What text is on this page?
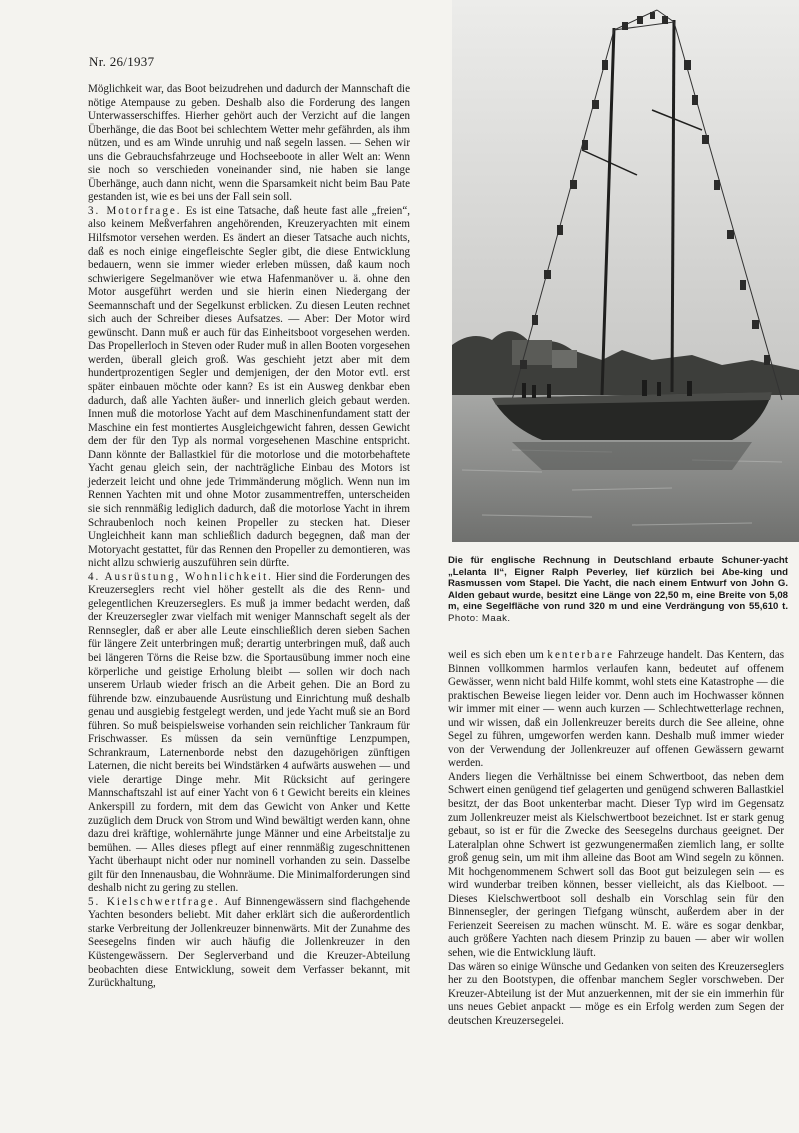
Nr. 26/1937

Möglichkeit war, das Boot beizudrehen und dadurch der Mannschaft die nötige Atempause zu geben. Deshalb also die Forderung des langen Unterwasserschiffes. Hierher gehört auch der Verzicht auf die langen Überhänge, die das Boot bei schlechtem Wetter mehr gefährden, als ihm nützen, und es am Winde unruhig und naß segeln lassen. — Sehen wir uns die Gebrauchsfahrzeuge und Hochseeboote in aller Welt an: Wenn sie noch so verschieden voneinander sind, nie haben sie lange Überhänge, auch dann nicht, wenn die Sparsamkeit nicht beim Bau Pate gestanden ist, wie es bei uns der Fall sein soll.

3. Motorfrage. Es ist eine Tatsache, daß heute fast alle „freien“, also keinem Meßverfahren angehörenden, Kreuzeryachten mit einem Hilfsmotor versehen werden. Es ändert an dieser Tatsache auch nichts, daß es noch einige eingefleischte Segler gibt, die diese Entwicklung bedauern, wenn sie immer wieder erleben müssen, daß kaum noch schwierigere Segelmanöver wie etwa Hafenmanöver u. ä. ohne den Motor ausgeführt werden und sie hierin einen Niedergang der Seemannschaft und der Segelkunst erblicken. Zu diesen Leuten rechnet sich auch der Schreiber dieses Aufsatzes. — Aber: Der Motor wird gewünscht. Dann muß er auch für das Einheitsboot vorgesehen werden. Das Propellerloch in Steven oder Ruder muß in allen Booten vorgesehen werden, überall gleich groß. Was geschieht jetzt aber mit dem hundertprozentigen Segler und demjenigen, der den Motor evtl. erst später einbauen möchte oder kann? Es ist ein Ausweg denkbar eben dadurch, daß alle Yachten äußer- und innerlich gleich gebaut werden. Innen muß die motorlose Yacht auf dem Maschinenfundament statt der Maschine ein fest montiertes Ausgleichgewicht fahren, dessen Gewicht dem der für den Typ als normal vorgesehenen Maschine entspricht. Dann könnte der Ballastkiel für die motorlose und die motorbehaftete Yacht genau gleich sein, der nachträgliche Einbau des Motors ist jederzeit leicht und ohne jede Trimmänderung möglich. Wenn nun im Rennen Yachten mit und ohne Motor zusammentreffen, unterscheiden sie sich rennmäßig lediglich dadurch, daß die motorlose Yacht in ihrem Schraubenloch noch keinen Propeller zu stecken hat. Dieser Ungleichheit kann man schließlich dadurch begegnen, daß man der Motoryacht gestattet, für das Rennen den Propeller zu demontieren, was nicht allzu schwierig auszuführen sein dürfte.

4. Ausrüstung, Wohnlichkeit. Hier sind die Forderungen des Kreuzerseglers recht viel höher gestellt als die des Renn- und gelegentlichen Kreuzerseglers. Es muß ja immer bedacht werden, daß der Kreuzersegler zwar vielfach mit weniger Mannschaft segelt als der Rennsegler, daß er aber alle Leute einschließlich deren sieben Sachen für längere Zeit unterbringen muß; derartig unterbringen muß, daß auch bei längeren Törns die Reise bzw. die Sportausübung immer noch eine körperliche und geistige Erholung bleibt — sollen wir doch nach unserem Urlaub wieder frisch an die Arbeit gehen. Die an Bord zu führende bzw. einzubauende Ausrüstung und Einrichtung muß deshalb genau und ausgiebig festgelegt werden, und jede Yacht muß sie an Bord führen. So muß beispielsweise vorhanden sein reichlicher Tankraum für Frischwasser. Es müssen da sein vernünftige Lenzpumpen, Schrankraum, Laternenborde nebst den dazugehörigen zünftigen Laternen, die nicht bereits bei Windstärken 4 aufwärts auswehen — und viele derartige Dinge mehr. Mit Rücksicht auf geringere Mannschaftszahl ist auf einer Yacht von 6 t Gewicht bereits ein kleines Ankerspill zu fordern, mit dem das Gewicht von Anker und Kette zuzüglich dem Druck von Strom und Wind bewältigt werden kann, ohne dazu drei kräftige, wohlernährte junge Männer und eine Arbeitstalje zu bemühen. — Alles dieses pflegt auf einer rennmäßig zugeschnittenen Yacht überhaupt nicht oder nur nominell vorhanden zu sein. Dasselbe gilt für den Innenausbau, die Wohnräume. Die Minimalforderungen sind deshalb nicht zu gering zu stellen.

5. Kielschwertfrage. Auf Binnengewässern sind flachgehende Yachten besonders beliebt. Mit daher erklärt sich die außerordentlich starke Verbreitung der Jollenkreuzer binnenwärts. Mit der Zunahme des Seesegelns finden wir auch häufig die Jollenkreuzer in den Küstengewässern. Der Seglerverband und die Kreuzer-Abteilung beobachten diese Entwicklung, soweit dem Verfasser bekannt, mit Zurückhaltung,

Die für englische Rechnung in Deutschland erbaute Schuner-yacht „Lelanta II“, Eigner Ralph Peverley, lief kürzlich bei Abe-king und Rasmussen vom Stapel. Die Yacht, die nach einem Entwurf von John G. Alden gebaut wurde, besitzt eine Länge von 22,50 m, eine Breite von 5,08 m, eine Segelfläche von rund 320 m und eine Verdrängung von 55,610 t. Photo: Maak.

weil es sich eben um kenterbare Fahrzeuge handelt. Das Kentern, das Binnen vollkommen harmlos verlaufen kann, bedeutet auf offenem Gewässer, wenn nicht bald Hilfe kommt, wohl stets eine Katastrophe — die praktischen Beweise liegen leider vor. Denn auch im Hochwasser können wir immer mit einer — wenn auch kurzen — Schlechtwetterlage rechnen, und wir wissen, daß ein Jollenkreuzer bereits durch die See alleine, ohne Segel zu führen, umgeworfen werden kann. Deshalb muß immer wieder von der Verwendung der Jollenkreuzer auf offenen Gewässern gewarnt werden.

Anders liegen die Verhältnisse bei einem Schwertboot, das neben dem Schwert einen genügend tief gelagerten und genügend schweren Ballastkiel besitzt, der das Boot unkenterbar macht. Dieser Typ wird im Gegensatz zum Jollenkreuzer meist als Kielschwertboot bezeichnet. Ist er stark genug gebaut, so ist er für die Zwecke des Seesegelns durchaus geeignet. Der Lateralplan ohne Schwert ist gezwungenermaßen ziemlich lang, er sollte groß genug sein, um mit ihm alleine das Boot am Wind segeln zu können. Mit hochgenommenem Schwert soll das Boot gut beizulegen sein — es wird wunderbar treiben können, besser vielleicht, als das Kielboot. — Dieses Kielschwertboot soll deshalb ein Vorschlag sein für den Binnensegler, der geringen Tiefgang wünscht, außerdem aber in der Ferienzeit Seereisen zu machen wünscht. M. E. wäre es sogar denkbar, auch größere Yachten nach diesem Prinzip zu bauen — aber wir wollen sehen, wie die Entwicklung läuft.

Das wären so einige Wünsche und Gedanken von seiten des Kreuzerseglers her zu den Bootstypen, die offenbar manchem Segler vorschweben. Der Kreuzer-Abteilung ist der Mut anzuerkennen, mit der sie ein immerhin für uns neues Gebiet anpackt — möge es ein Erfolg werden zum Segen der deutschen Kreuzersegelei.
